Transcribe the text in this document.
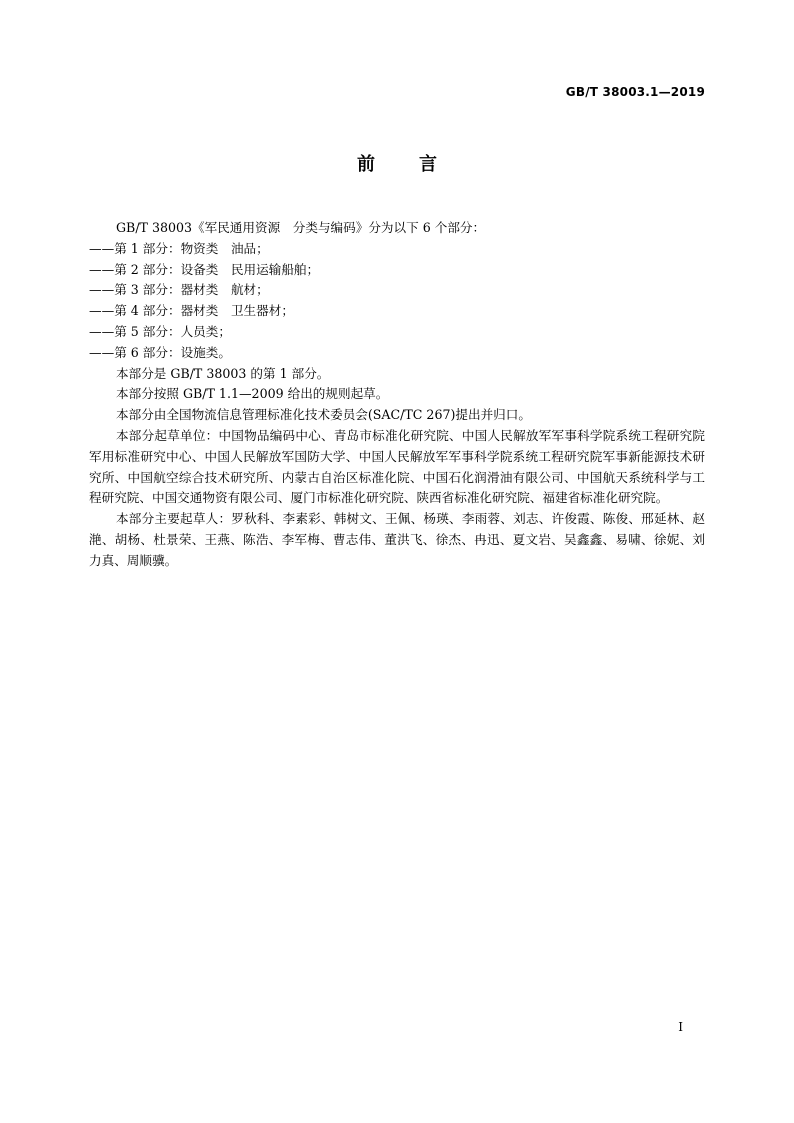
GB/T 38003.1—2019
前言

GB/T 38003《军民通用资源　分类与编码》分为以下 6 个部分：

——第 1 部分：物资类　油品；

——第 2 部分：设备类　民用运输船舶；

——第 3 部分：器材类　航材；

——第 4 部分：器材类　卫生器材；

——第 5 部分：人员类；

——第 6 部分：设施类。

本部分是 GB/T 38003 的第 1 部分。

本部分按照 GB/T 1.1—2009 给出的规则起草。

本部分由全国物流信息管理标准化技术委员会(SAC/TC 267)提出并归口。

本部分起草单位：中国物品编码中心、青岛市标准化研究院、中国人民解放军军事科学院系统工程研究院军用标准研究中心、中国人民解放军国防大学、中国人民解放军军事科学院系统工程研究院军事新能源技术研究所、中国航空综合技术研究所、内蒙古自治区标准化院、中国石化润滑油有限公司、中国航天系统科学与工程研究院、中国交通物资有限公司、厦门市标准化研究院、陕西省标准化研究院、福建省标准化研究院。

本部分主要起草人：罗秋科、李素彩、韩树文、王佩、杨瑛、李雨蓉、刘志、许俊霞、陈俊、邢延林、赵滟、胡杨、杜景荣、王燕、陈浩、李军梅、曹志伟、董洪飞、徐杰、冉迅、夏文岩、吴鑫鑫、易啸、徐妮、刘力真、周顺骥。

I
